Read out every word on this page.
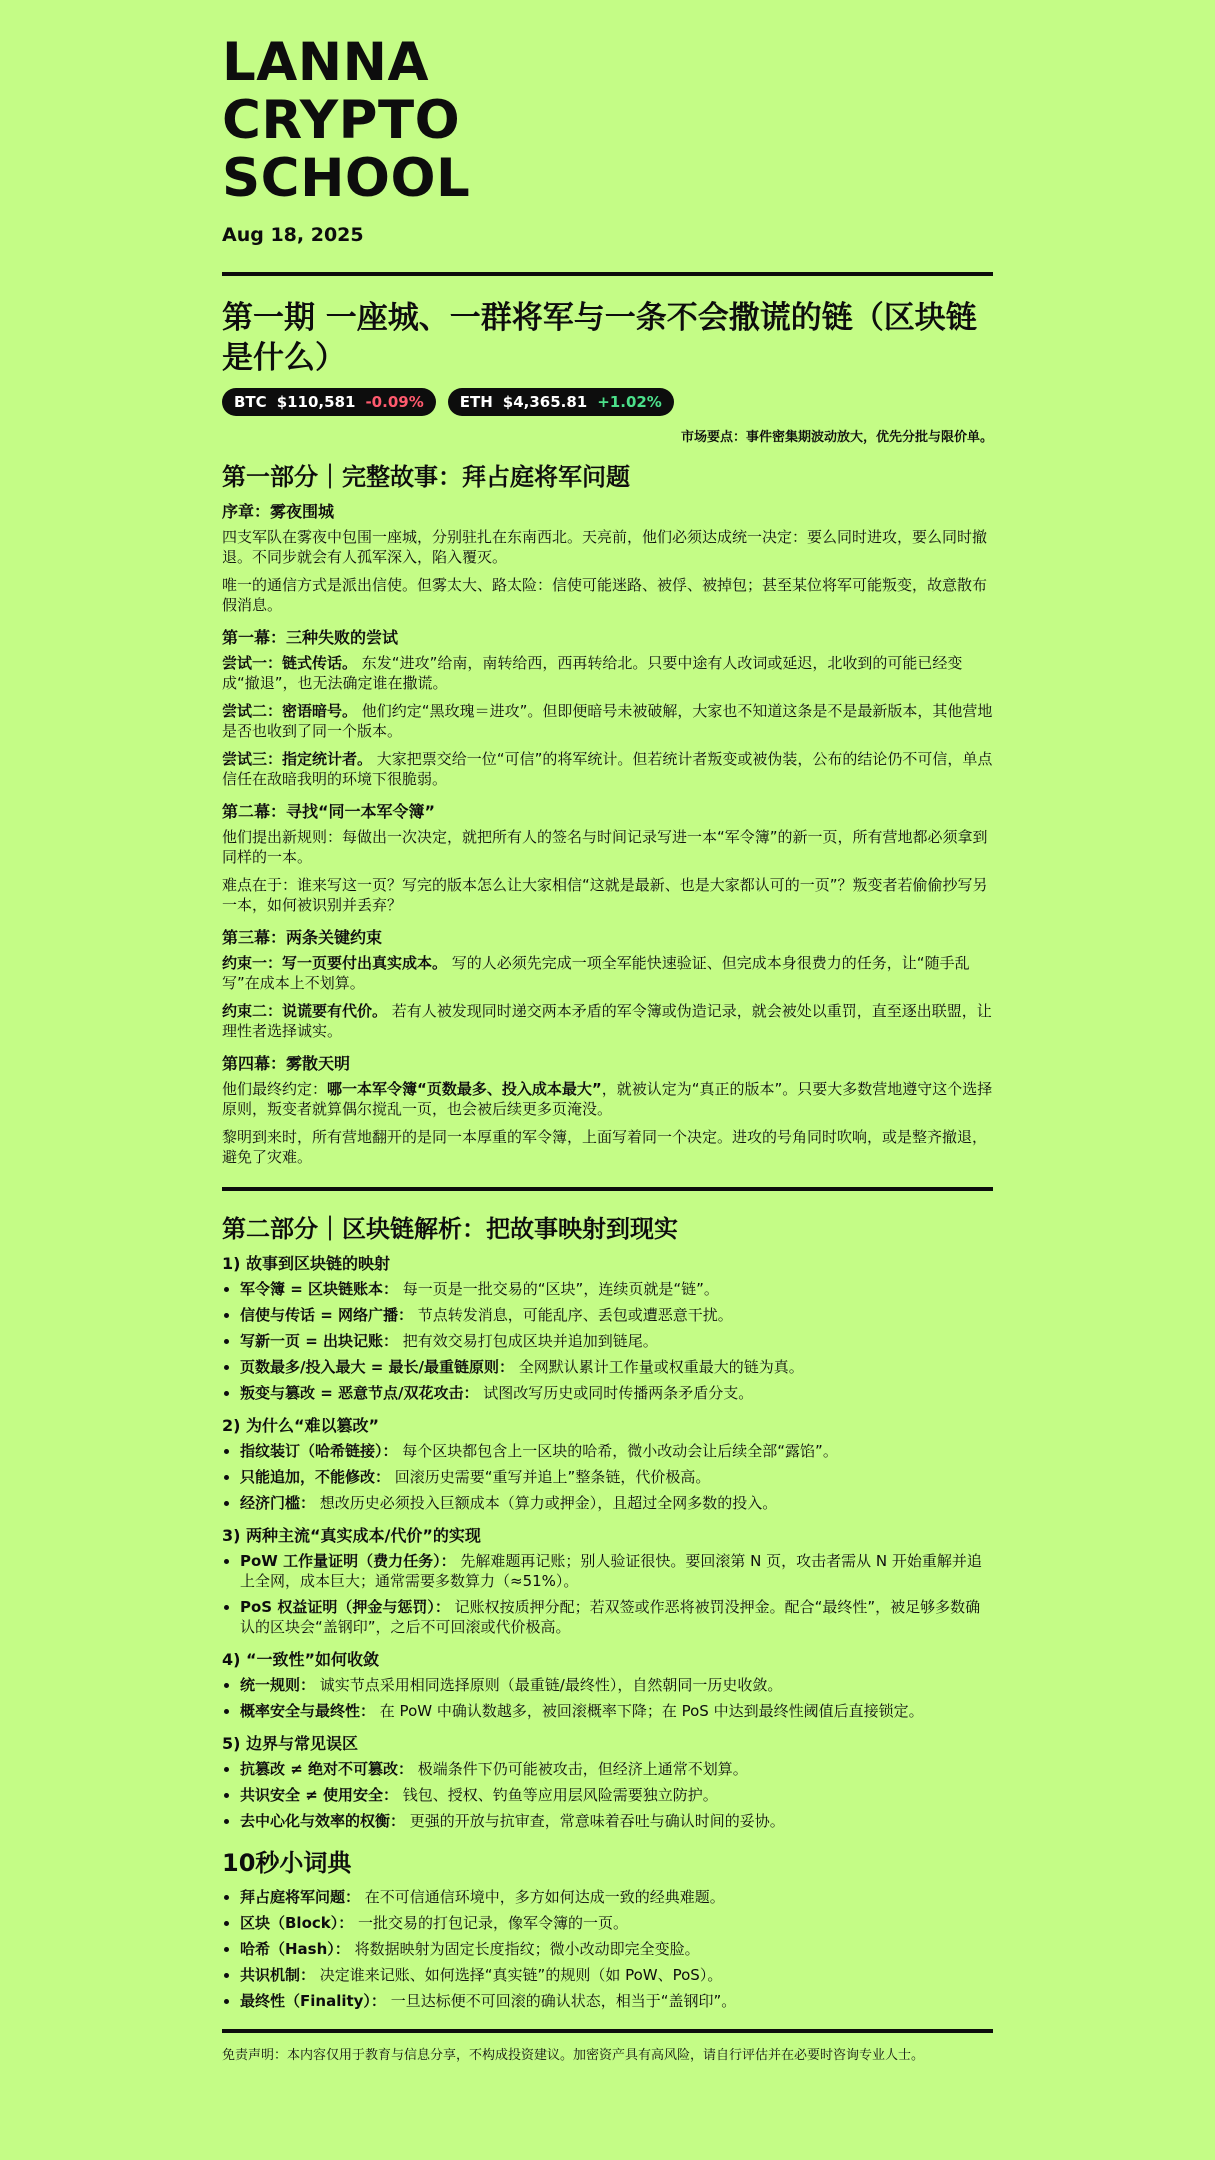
LANNA
CRYPTO
SCHOOL
Aug 18, 2025
第一期 一座城、一群将军与一条不会撒谎的链（区块链是什么）
BTC $110,581 -0.09% ETH $4,365.81 +1.02%
市场要点：事件密集期波动放大，优先分批与限价单。
第一部分｜完整故事：拜占庭将军问题
序章：雾夜围城

四支军队在雾夜中包围一座城，分别驻扎在东南西北。天亮前，他们必须达成统一决定：要么同时进攻，要么同时撤退。不同步就会有人孤军深入，陷入覆灭。

唯一的通信方式是派出信使。但雾太大、路太险：信使可能迷路、被俘、被掉包；甚至某位将军可能叛变，故意散布假消息。

第一幕：三种失败的尝试

尝试一：链式传话。 东发“进攻”给南，南转给西，西再转给北。只要中途有人改词或延迟，北收到的可能已经变成“撤退”，也无法确定谁在撒谎。

尝试二：密语暗号。 他们约定“黑玫瑰＝进攻”。但即便暗号未被破解，大家也不知道这条是不是最新版本，其他营地是否也收到了同一个版本。

尝试三：指定统计者。 大家把票交给一位“可信”的将军统计。但若统计者叛变或被伪装，公布的结论仍不可信，单点信任在敌暗我明的环境下很脆弱。

第二幕：寻找“同一本军令簿”

他们提出新规则：每做出一次决定，就把所有人的签名与时间记录写进一本“军令簿”的新一页，所有营地都必须拿到同样的一本。

难点在于：谁来写这一页？写完的版本怎么让大家相信“这就是最新、也是大家都认可的一页”？叛变者若偷偷抄写另一本，如何被识别并丢弃？

第三幕：两条关键约束

约束一：写一页要付出真实成本。 写的人必须先完成一项全军能快速验证、但完成本身很费力的任务，让“随手乱写”在成本上不划算。

约束二：说谎要有代价。 若有人被发现同时递交两本矛盾的军令簿或伪造记录，就会被处以重罚，直至逐出联盟，让理性者选择诚实。

第四幕：雾散天明

他们最终约定：哪一本军令簿“页数最多、投入成本最大”，就被认定为“真正的版本”。只要大多数营地遵守这个选择原则，叛变者就算偶尔搅乱一页，也会被后续更多页淹没。

黎明到来时，所有营地翻开的是同一本厚重的军令簿，上面写着同一个决定。进攻的号角同时吹响，或是整齐撤退，避免了灾难。

第二部分｜区块链解析：把故事映射到现实
1) 故事到区块链的映射
• 军令簿 = 区块链账本： 每一页是一批交易的“区块”，连续页就是“链”。
• 信使与传话 = 网络广播： 节点转发消息，可能乱序、丢包或遭恶意干扰。
• 写新一页 = 出块记账： 把有效交易打包成区块并追加到链尾。
• 页数最多/投入最大 = 最长/最重链原则： 全网默认累计工作量或权重最大的链为真。
• 叛变与篡改 = 恶意节点/双花攻击： 试图改写历史或同时传播两条矛盾分支。
2) 为什么“难以篡改”
• 指纹装订（哈希链接）： 每个区块都包含上一区块的哈希，微小改动会让后续全部“露馅”。
• 只能追加，不能修改： 回滚历史需要“重写并追上”整条链，代价极高。
• 经济门槛： 想改历史必须投入巨额成本（算力或押金），且超过全网多数的投入。
3) 两种主流“真实成本/代价”的实现
• PoW 工作量证明（费力任务）： 先解难题再记账；别人验证很快。要回滚第 N 页，攻击者需从 N 开始重解并追上全网，成本巨大；通常需要多数算力（≈51%）。
• PoS 权益证明（押金与惩罚）： 记账权按质押分配；若双签或作恶将被罚没押金。配合“最终性”，被足够多数确认的区块会“盖钢印”，之后不可回滚或代价极高。
4) “一致性”如何收敛
• 统一规则： 诚实节点采用相同选择原则（最重链/最终性），自然朝同一历史收敛。
• 概率安全与最终性： 在 PoW 中确认数越多，被回滚概率下降；在 PoS 中达到最终性阈值后直接锁定。
5) 边界与常见误区
• 抗篡改 ≠ 绝对不可篡改： 极端条件下仍可能被攻击，但经济上通常不划算。
• 共识安全 ≠ 使用安全： 钱包、授权、钓鱼等应用层风险需要独立防护。
• 去中心化与效率的权衡： 更强的开放与抗审查，常意味着吞吐与确认时间的妥协。
10秒小词典
• 拜占庭将军问题： 在不可信通信环境中，多方如何达成一致的经典难题。
• 区块（Block）： 一批交易的打包记录，像军令簿的一页。
• 哈希（Hash）： 将数据映射为固定长度指纹；微小改动即完全变脸。
• 共识机制： 决定谁来记账、如何选择“真实链”的规则（如 PoW、PoS）。
• 最终性（Finality）： 一旦达标便不可回滚的确认状态，相当于“盖钢印”。
免责声明：本内容仅用于教育与信息分享，不构成投资建议。加密资产具有高风险，请自行评估并在必要时咨询专业人士。
